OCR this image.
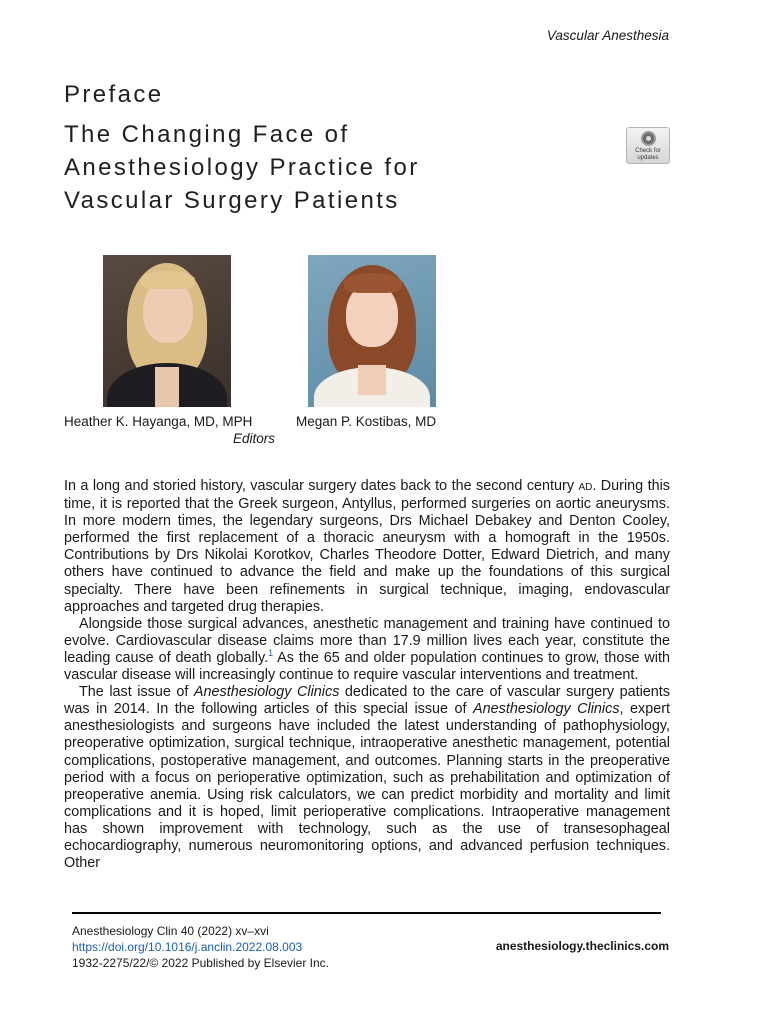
Vascular Anesthesia
Preface
The Changing Face of Anesthesiology Practice for Vascular Surgery Patients
Check for
updates
Heather K. Hayanga, MD, MPH	Megan P. Kostibas, MD
Editors

In a long and storied history, vascular surgery dates back to the second century AD. During this time, it is reported that the Greek surgeon, Antyllus, performed surgeries on aortic aneurysms. In more modern times, the legendary surgeons, Drs Michael Debakey and Denton Cooley, performed the first replacement of a thoracic aneurysm with a homograft in the 1950s. Contributions by Drs Nikolai Korotkov, Charles Theodore Dotter, Edward Dietrich, and many others have continued to advance the field and make up the foundations of this surgical specialty. There have been refinements in surgical technique, imaging, endovascular approaches and targeted drug therapies.

Alongside those surgical advances, anesthetic management and training have continued to evolve. Cardiovascular disease claims more than 17.9 million lives each year, constitute the leading cause of death globally.$^1$ As the 65 and older population continues to grow, those with vascular disease will increasingly continue to require vascular interventions and treatment.

The last issue of Anesthesiology Clinics dedicated to the care of vascular surgery patients was in 2014. In the following articles of this special issue of Anesthesiology Clinics, expert anesthesiologists and surgeons have included the latest understanding of pathophysiology, preoperative optimization, surgical technique, intraoperative anesthetic management, potential complications, postoperative management, and outcomes. Planning starts in the preoperative period with a focus on perioperative optimization, such as prehabilitation and optimization of preoperative anemia. Using risk calculators, we can predict morbidity and mortality and limit complications and it is hoped, limit perioperative complications. Intraoperative management has shown improvement with technology, such as the use of transesophageal echocardiography, numerous neuromonitoring options, and advanced perfusion techniques. Other

Anesthesiology Clin 40 (2022) xv–xvi
https://doi.org/10.1016/j.anclin.2022.08.003
1932-2275/22/© 2022 Published by Elsevier Inc.
anesthesiology.theclinics.com
